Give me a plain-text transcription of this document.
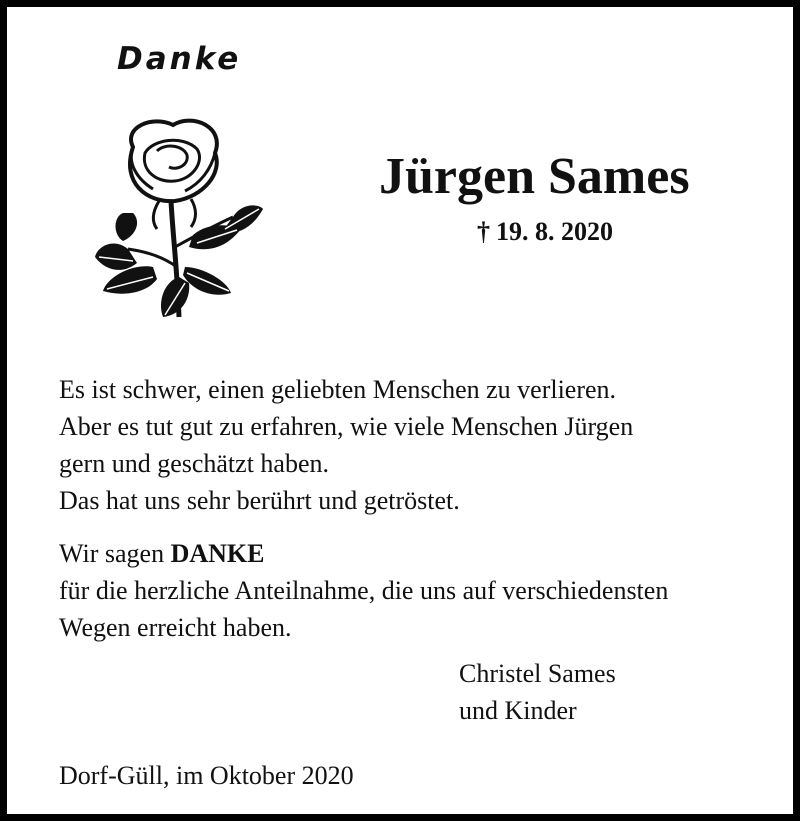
Danke
Jürgen Sames
† 19. 8. 2020
Es ist schwer, einen geliebten Menschen zu verlieren.
Aber es tut gut zu erfahren, wie viele Menschen Jürgen
gern und geschätzt haben.
Das hat uns sehr berührt und getröstet.
Wir sagen DANKE
für die herzliche Anteilnahme, die uns auf verschiedensten
Wegen erreicht haben.
Christel Sames
und Kinder
Dorf-Güll, im Oktober 2020
